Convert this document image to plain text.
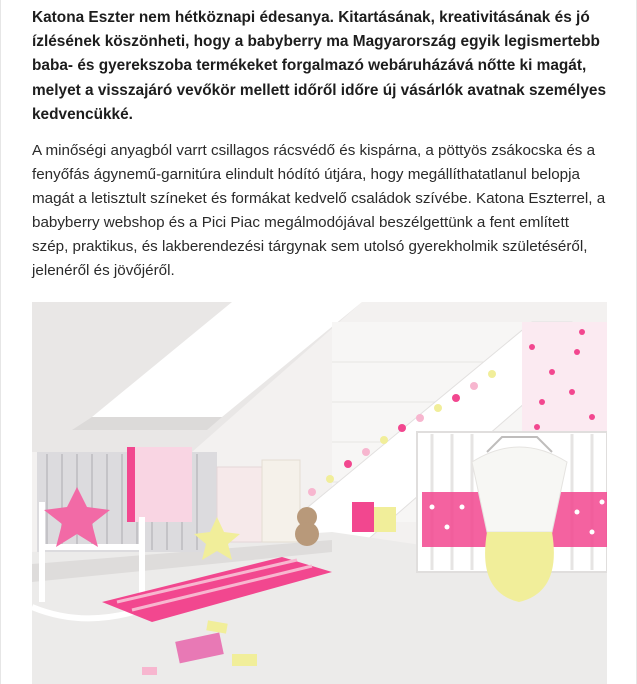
Katona Eszter nem hétköznapi édesanya. Kitartásának, kreativitásának és jó ízlésének köszönheti, hogy a babyberry ma Magyarország egyik legismertebb baba- és gyerekszoba termékeket forgalmazó webáruházává nőtte ki magát, melyet a visszajáró vevőkör mellett időről időre új vásárlók avatnak személyes kedvencükké.

A minőségi anyagból varrt csillagos rácsvédő és kispárna, a pöttyös zsákocska és a fenyőfás ágynemű-garnitúra elindult hódító útjára, hogy megállíthatatlanul belopja magát a letisztult színeket és formákat kedvelő családok szívébe. Katona Eszterrel, a babyberry webshop és a Pici Piac megálmodójával beszélgettünk a fent említett szép, praktikus, és lakberendezési tárgynak sem utolsó gyerekholmik születéséről, jelenéről és jövőjéről.
